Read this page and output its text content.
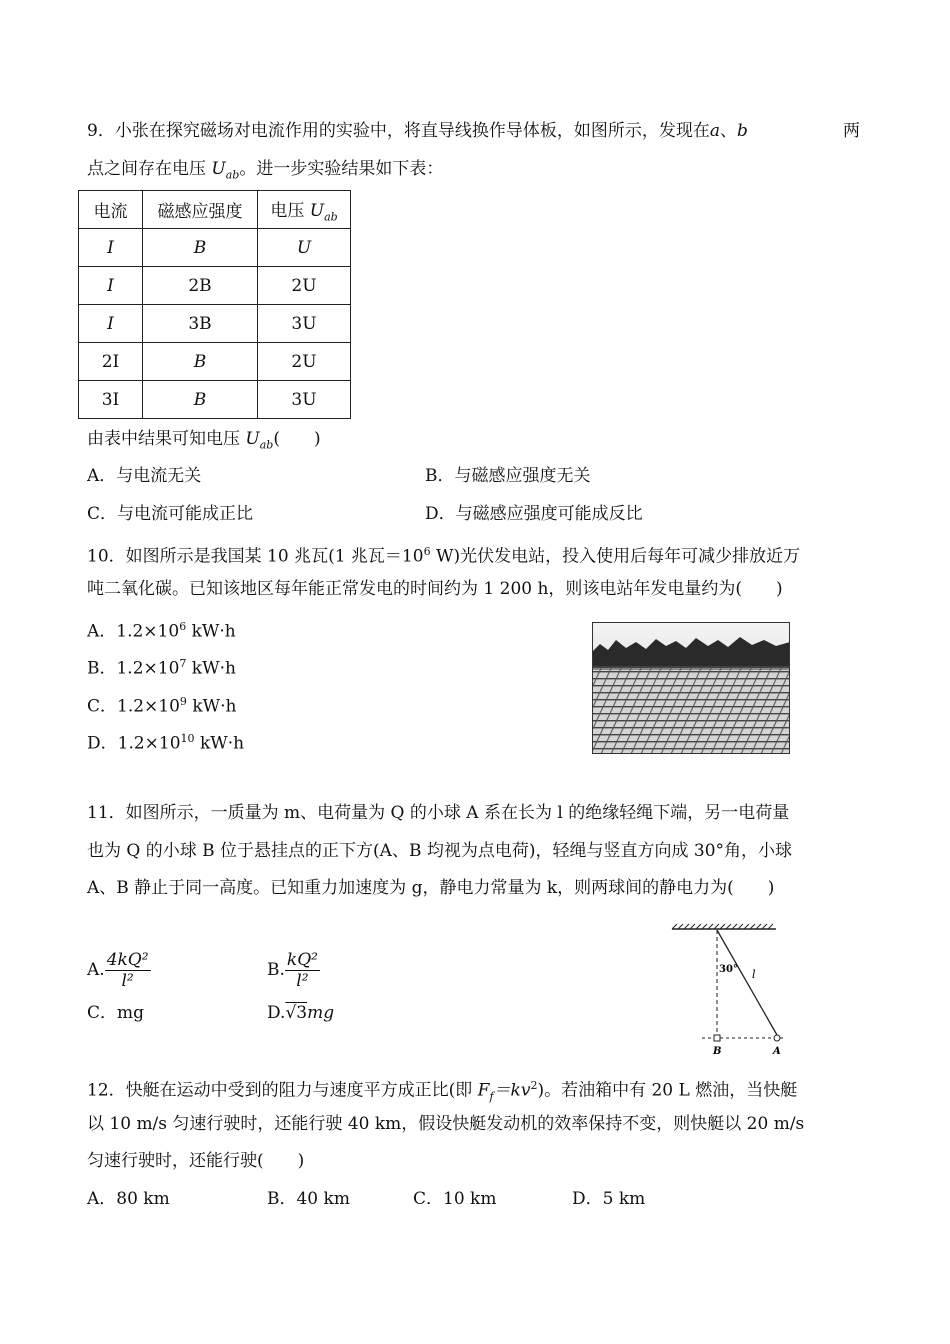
9．小张在探究磁场对电流作用的实验中，将直导线换作导体板，如图所示，发现在a、b	两
点之间存在电压 $U_{ab}$。进一步实验结果如下表：
电流	磁感应强度	电压 $U_{ab}$
I	B	U
I	2B	2U
I	3B	3U
2I	B	2U
3I	B	3U
由表中结果可知电压 $U_{ab}$(　　)
A．与电流无关	B．与磁感应强度无关
C．与电流可能成正比	D．与磁感应强度可能成反比
10．如图所示是我国某 10 兆瓦(1 兆瓦$=10^6$ W)光伏发电站，投入使用后每年可减少排放近万
吨二氧化碳。已知该地区每年能正常发电的时间约为 1 200 h，则该电站年发电量约为(　　)
A．$1.2\times 10^6$ kW·h
B．$1.2\times 10^7$ kW·h
C．$1.2\times 10^9$ kW·h
D．$1.2\times 10^{10}$ kW·h
11．如图所示，一质量为 m、电荷量为 Q 的小球 A 系在长为 l 的绝缘轻绳下端，另一电荷量
也为 Q 的小球 B 位于悬挂点的正下方(A、B 均视为点电荷)，轻绳与竖直方向成 30°角，小球
A、B 静止于同一高度。已知重力加速度为 g，静电力常量为 k，则两球间的静电力为(　　)
A. $\frac{\text{4kQ²}}{\text{l²}}$	B. $\frac{\text{kQ²}}{\text{l²}}$
C．mg	D.√3mg
30° l
B	A
12．快艇在运动中受到的阻力与速度平方成正比(即 $F_f=kv^2$)。若油箱中有 20 L 燃油，当快艇
以 10 m/s 匀速行驶时，还能行驶 40 km，假设快艇发动机的效率保持不变，则快艇以 20 m/s
匀速行驶时，还能行驶(　　)
A．80 km	B．40 km	C．10 km	D．5 km
